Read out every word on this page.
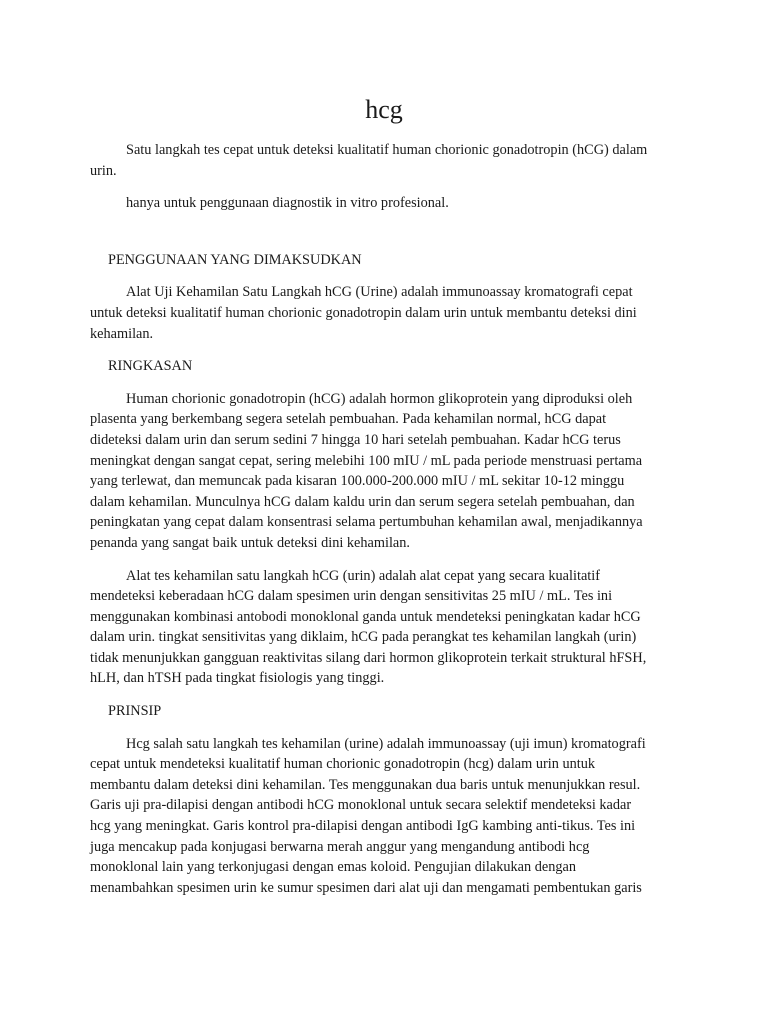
hcg
Satu langkah tes cepat untuk deteksi kualitatif human chorionic gonadotropin (hCG) dalam
urin.
hanya untuk penggunaan diagnostik in vitro profesional.
PENGGUNAAN YANG DIMAKSUDKAN
Alat Uji Kehamilan Satu Langkah hCG (Urine) adalah immunoassay kromatografi cepat
untuk deteksi kualitatif human chorionic gonadotropin dalam urin untuk membantu deteksi dini
kehamilan.
RINGKASAN
Human chorionic gonadotropin (hCG) adalah hormon glikoprotein yang diproduksi oleh
plasenta yang berkembang segera setelah pembuahan. Pada kehamilan normal, hCG dapat
dideteksi dalam urin dan serum sedini 7 hingga 10 hari setelah pembuahan. Kadar hCG terus
meningkat dengan sangat cepat, sering melebihi 100 mIU / mL pada periode menstruasi pertama
yang terlewat, dan memuncak pada kisaran 100.000-200.000 mIU / mL sekitar 10-12 minggu
dalam kehamilan. Munculnya hCG dalam kaldu urin dan serum segera setelah pembuahan, dan
peningkatan yang cepat dalam konsentrasi selama pertumbuhan kehamilan awal, menjadikannya
penanda yang sangat baik untuk deteksi dini kehamilan.
Alat tes kehamilan satu langkah hCG (urin) adalah alat cepat yang secara kualitatif
mendeteksi keberadaan hCG dalam spesimen urin dengan sensitivitas 25 mIU / mL. Tes ini
menggunakan kombinasi antobodi monoklonal ganda untuk mendeteksi peningkatan kadar hCG
dalam urin. tingkat sensitivitas yang diklaim, hCG pada perangkat tes kehamilan langkah (urin)
tidak menunjukkan gangguan reaktivitas silang dari hormon glikoprotein terkait struktural hFSH,
hLH, dan hTSH pada tingkat fisiologis yang tinggi.
PRINSIP
Hcg salah satu langkah tes kehamilan (urine) adalah immunoassay (uji imun) kromatografi
cepat untuk mendeteksi kualitatif human chorionic gonadotropin (hcg) dalam urin untuk
membantu dalam deteksi dini kehamilan. Tes menggunakan dua baris untuk menunjukkan resul.
Garis uji pra-dilapisi dengan antibodi hCG monoklonal untuk secara selektif mendeteksi kadar
hcg yang meningkat. Garis kontrol pra-dilapisi dengan antibodi IgG kambing anti-tikus. Tes ini
juga mencakup pada konjugasi berwarna merah anggur yang mengandung antibodi hcg
monoklonal lain yang terkonjugasi dengan emas koloid. Pengujian dilakukan dengan
menambahkan spesimen urin ke sumur spesimen dari alat uji dan mengamati pembentukan garis
